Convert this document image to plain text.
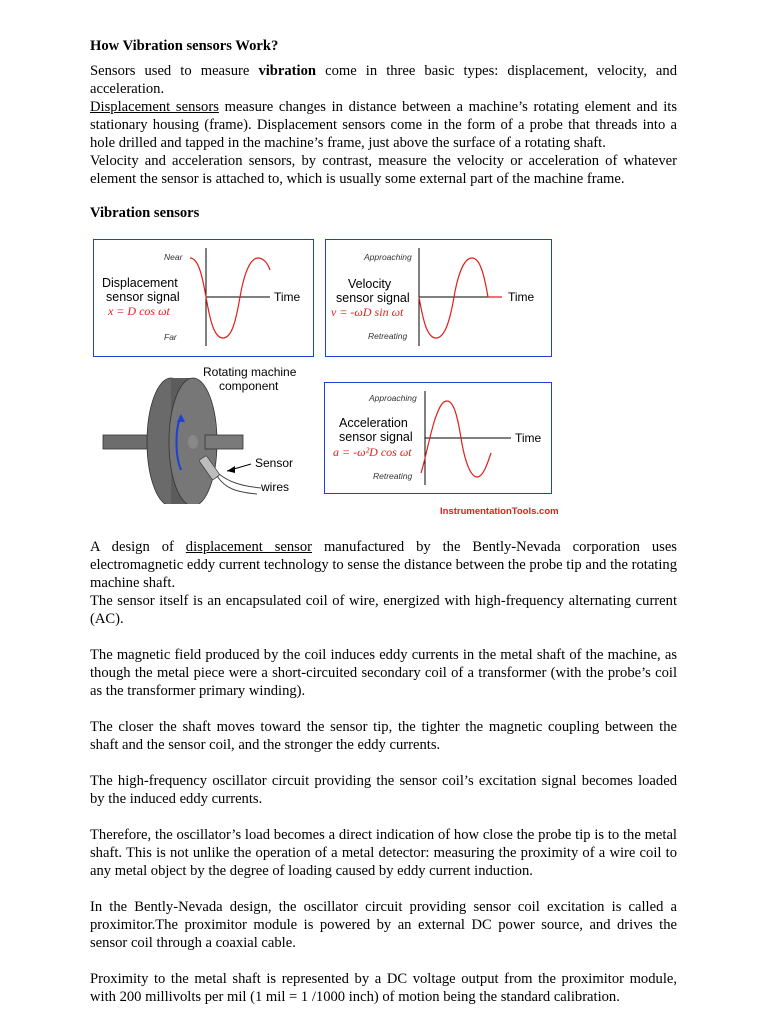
How Vibration sensors Work?

Sensors used to measure vibration come in three basic types: displacement, velocity, and acceleration.

Displacement sensors measure changes in distance between a machine’s rotating element and its stationary housing (frame). Displacement sensors come in the form of a probe that threads into a hole drilled and tapped in the machine’s frame, just above the surface of a rotating shaft.

Velocity and acceleration sensors, by contrast, measure the velocity or acceleration of whatever element the sensor is attached to, which is usually some external part of the machine frame.

Vibration sensors

Near
Far
Displacement
sensor signal
x = D cos ωt
Time
Approaching
Retreating
Velocity
sensor signal
v = -ωD sin ωt
Time
Rotating machine
component
Sensor
wires
Approaching
Retreating
Acceleration
sensor signal
a = -ω²D cos ωt
Time
InstrumentationTools.com

A design of displacement sensor manufactured by the Bently-Nevada corporation uses electromagnetic eddy current technology to sense the distance between the probe tip and the rotating machine shaft.

The sensor itself is an encapsulated coil of wire, energized with high-frequency alternating current (AC).

The magnetic field produced by the coil induces eddy currents in the metal shaft of the machine, as though the metal piece were a short-circuited secondary coil of a transformer (with the probe’s coil as the transformer primary winding).

The closer the shaft moves toward the sensor tip, the tighter the magnetic coupling between the shaft and the sensor coil, and the stronger the eddy currents.

The high-frequency oscillator circuit providing the sensor coil’s excitation signal becomes loaded by the induced eddy currents.

Therefore, the oscillator’s load becomes a direct indication of how close the probe tip is to the metal shaft. This is not unlike the operation of a metal detector: measuring the proximity of a wire coil to any metal object by the degree of loading caused by eddy current induction.

In the Bently-Nevada design, the oscillator circuit providing sensor coil excitation is called a proximitor.The proximitor module is powered by an external DC power source, and drives the sensor coil through a coaxial cable.

Proximity to the metal shaft is represented by a DC voltage output from the proximitor module, with 200 millivolts per mil (1 mil = 1 /1000 inch) of motion being the standard calibration.
